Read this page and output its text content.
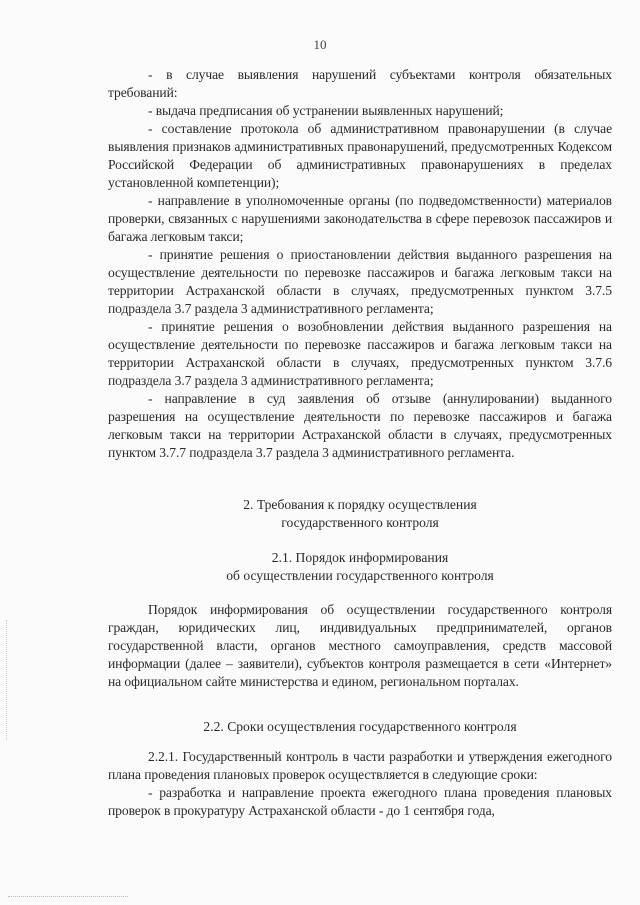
10

- в случае выявления нарушений субъектами контроля обязательных требований:

- выдача предписания об устранении выявленных нарушений;

- составление протокола об административном правонарушении (в случае выявления признаков административных правонарушений, предусмотренных Кодексом Российской Федерации об административных правонарушениях в пределах установленной компетенции);

- направление в уполномоченные органы (по подведомственности) материалов проверки, связанных с нарушениями законодательства в сфере перевозок пассажиров и багажа легковым такси;

- принятие решения о приостановлении действия выданного разрешения на осуществление деятельности по перевозке пассажиров и багажа легковым такси на территории Астраханской области в случаях, предусмотренных пунктом 3.7.5 подраздела 3.7 раздела 3 административного регламента;

- принятие решения о возобновлении действия выданного разрешения на осуществление деятельности по перевозке пассажиров и багажа легковым такси на территории Астраханской области в случаях, предусмотренных пунктом 3.7.6 подраздела 3.7 раздела 3 административного регламента;

- направление в суд заявления об отзыве (аннулировании) выданного разрешения на осуществление деятельности по перевозке пассажиров и багажа легковым такси на территории Астраханской области в случаях, предусмотренных пунктом 3.7.7 подраздела 3.7 раздела 3 административного регламента.

2. Требования к порядку осуществления
государственного контроля
2.1. Порядок информирования
об осуществлении государственного контроля

Порядок информирования об осуществлении государственного контроля граждан, юридических лиц, индивидуальных предпринимателей, органов государственной власти, органов местного самоуправления, средств массовой информации (далее – заявители), субъектов контроля размещается в сети «Интернет» на официальном сайте министерства и едином, региональном порталах.

2.2. Сроки осуществления государственного контроля

2.2.1. Государственный контроль в части разработки и утверждения ежегодного плана проведения плановых проверок осуществляется в следующие сроки:

- разработка и направление проекта ежегодного плана проведения плановых проверок в прокуратуру Астраханской области - до 1 сентября года,
